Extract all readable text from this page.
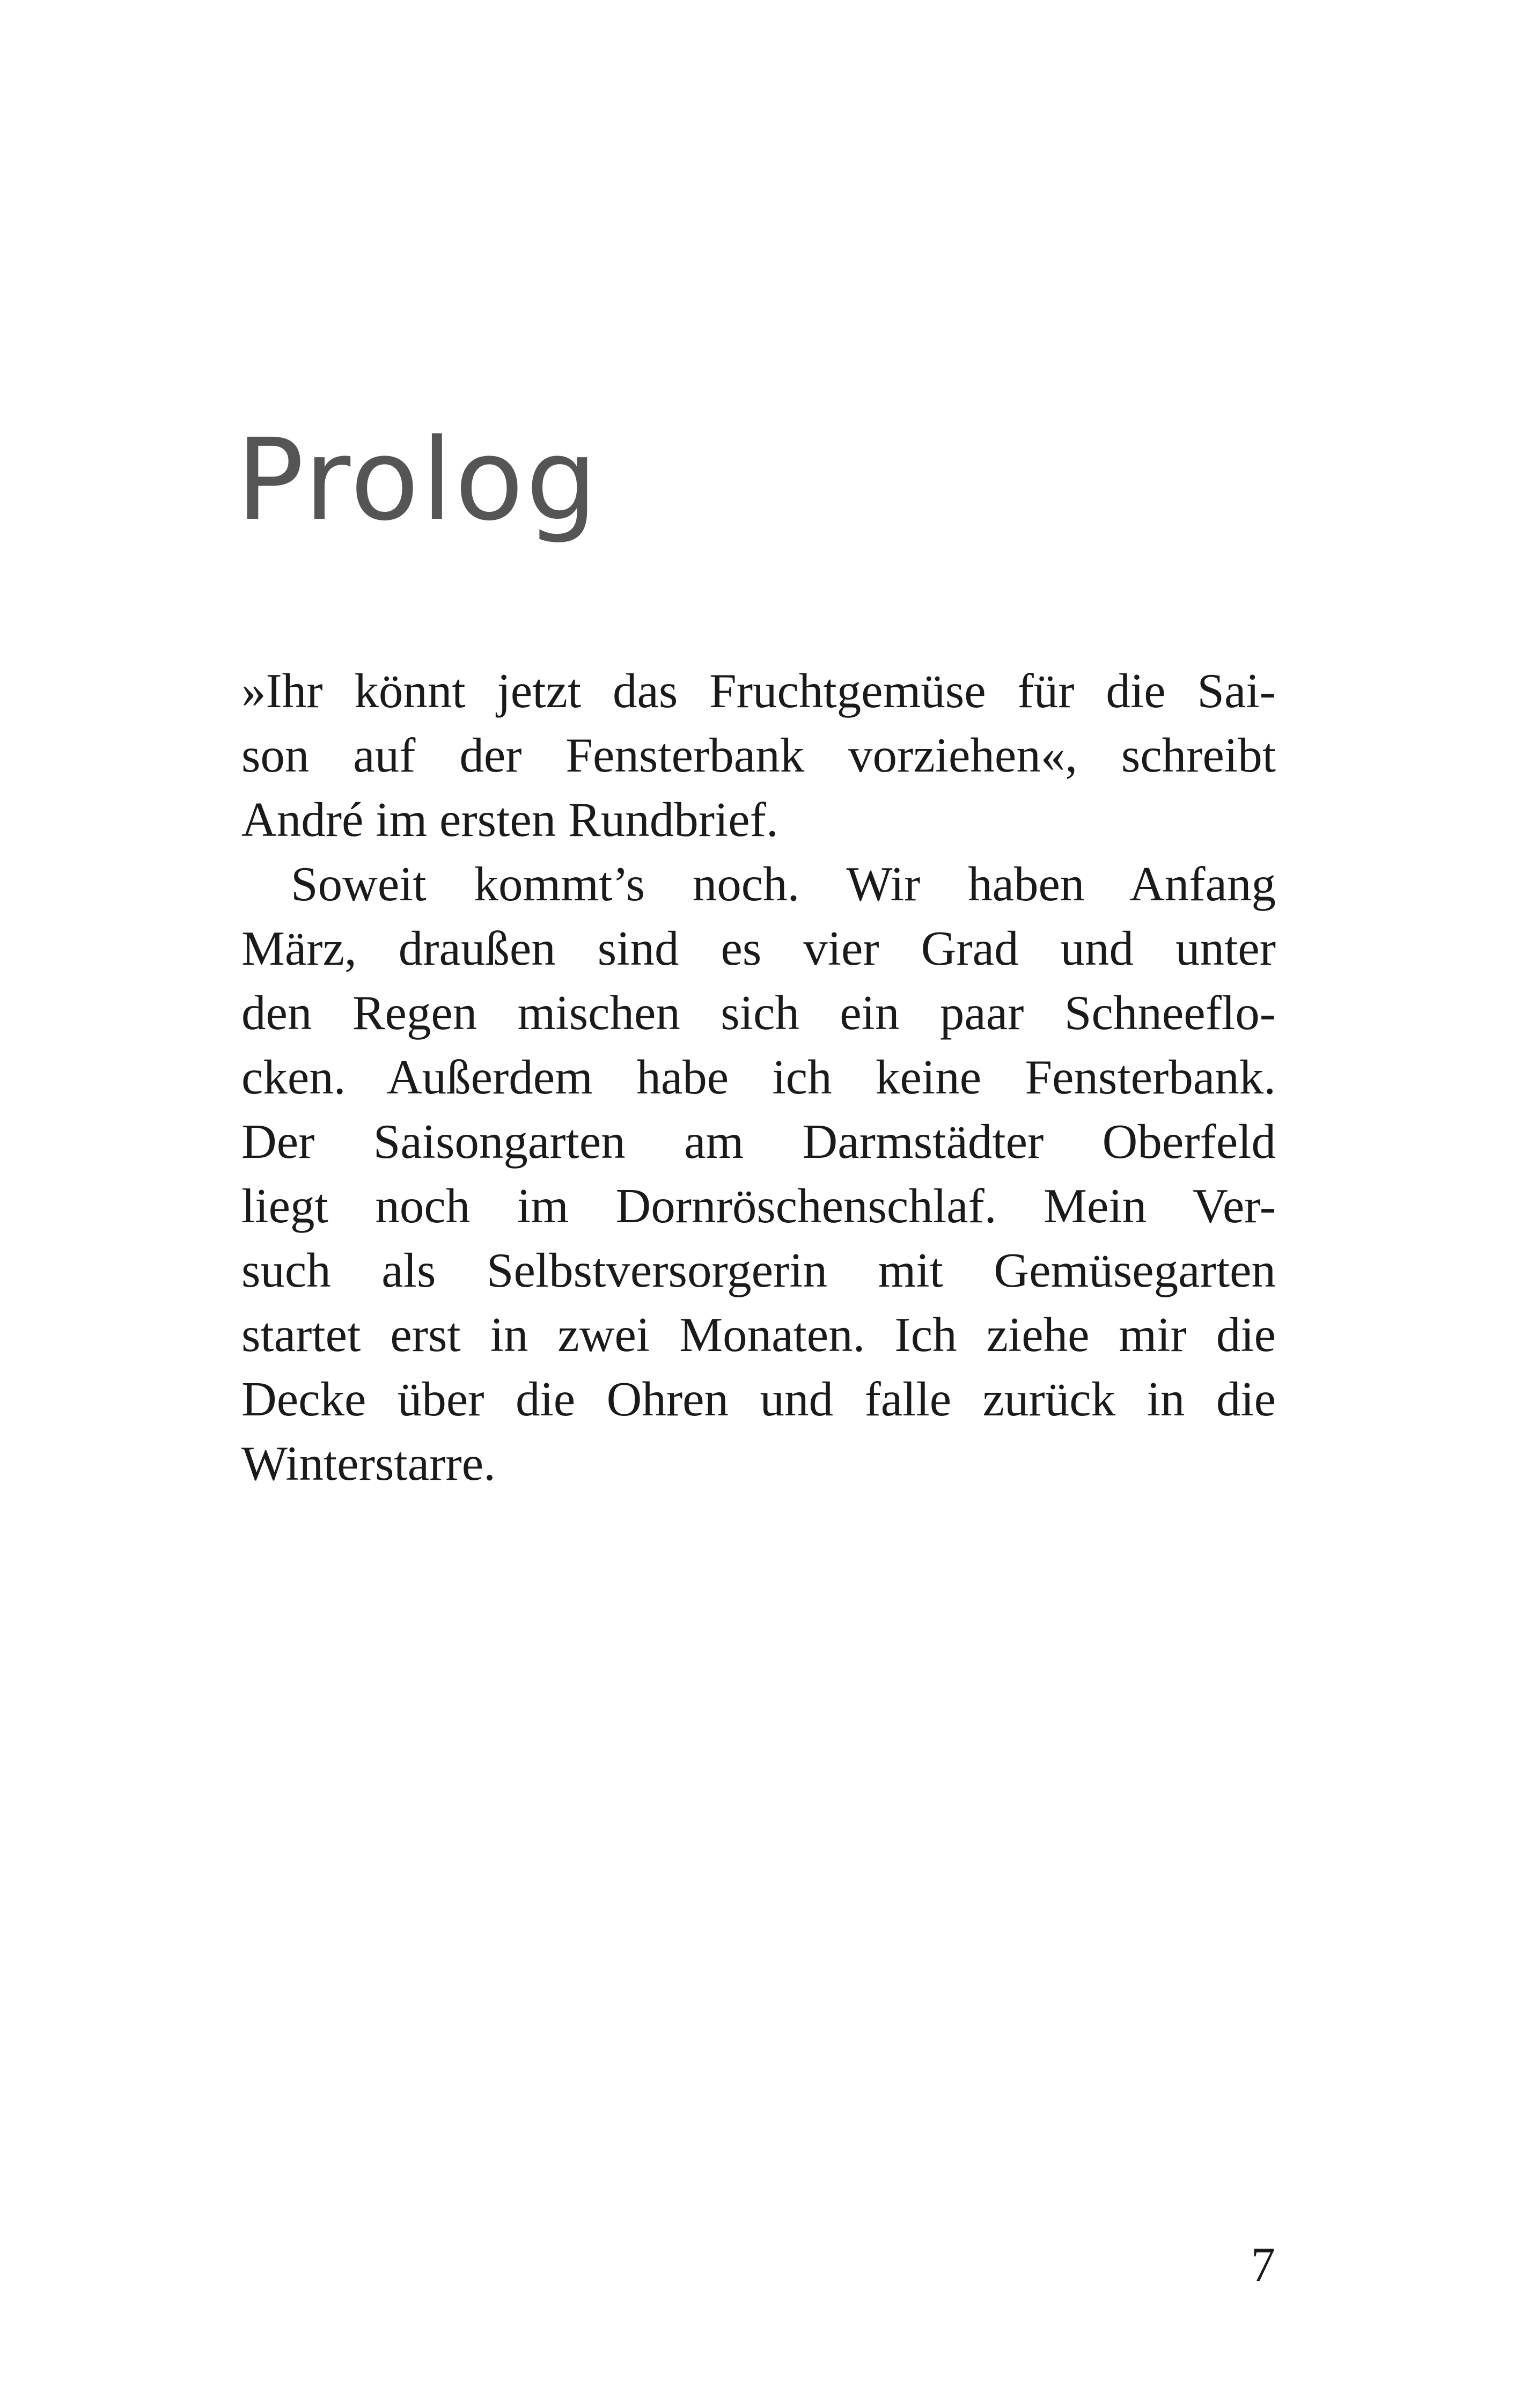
Prolog

»Ihr könnt jetzt das Fruchtgemüse für die Sai-
son auf der Fensterbank vorziehen«, schreibt
André im ersten Rundbrief.

Soweit kommt’s noch. Wir haben Anfang
März, draußen sind es vier Grad und unter
den Regen mischen sich ein paar Schneeflo-
cken. Außerdem habe ich keine Fensterbank.
Der Saisongarten am Darmstädter Oberfeld
liegt noch im Dornröschenschlaf. Mein Ver-
such als Selbstversorgerin mit Gemüsegarten
startet erst in zwei Monaten. Ich ziehe mir die
Decke über die Ohren und falle zurück in die
Winterstarre.

7
